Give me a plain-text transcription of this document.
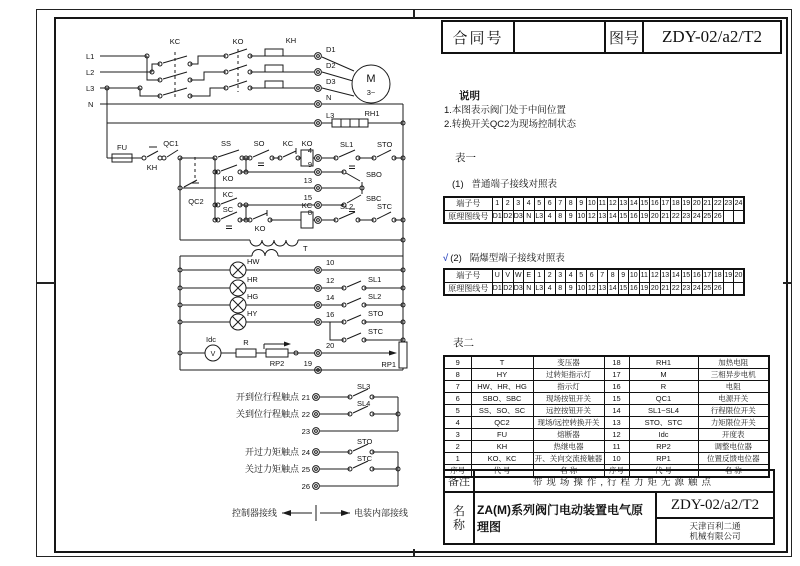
L1
L2
L3
N
KC	KO	KH
D1
D2
D3
N
L3	RH1
M
3~
FU
KH
QC1	SS	SO KC KO
4
SL1	STO
KO
9
QC2
13
SBO
SBC
KC	15
SC
KO
KC
8
SL2	STC
T
HW
HR
HG
HY
10
12
14
16
SL1
SL2
STO
STC
Idc
V
R
RP2
20
19	RP1
开到位行程触点 21
关到位行程触点 22
23
开过力矩触点 24
关过力矩触点 25
26
SL3
SL4
STO
STC
控制器接线	电装内部接线
合同号	图号	ZDY-02/a2/T2
说明
1.本图表示阀门处于中间位置
2.转换开关QC2为现场控制状态
表一
(1)   普通端子接线对照表
端子号	1	2	3	4	5	6	7	8	9	10	11	12	13	14	15	16	17	18	19	20	21	22	23	24
原理图线号	D1	D2	D3	N	L3	4	8	9	10	12	13	14	15	16	19	20	21	22	23	24	25	26		
√ (2)   隔爆型端子接线对照表
端子号	U	V	W	E	1	2	3	4	5	6	7	8	9	10	11	12	13	14	15	16	17	18	19	20
原理图线号	D1	D2	D3	N	L3	4	8	9	10	12	13	14	15	16	19	20	21	22	23	24	25	26		
表二
9	T	变压器	18	RH1	加热电阻
8	HY	过转矩指示灯	17	M	三相异步电机
7	HW、HR、HG	指示灯	16	R	电阻
6	SBO、SBC	现场按钮开关	15	QC1	电源开关
5	SS、SO、SC	远控按钮开关	14	SL1~SL4	行程限位开关
4	QC2	现场/远控转换开关	13	STO、STC	力矩限位开关
3	FU	熔断器	12	Idc	开度表
2	KH	热继电器	11	RP2	调整电位器
1	KO、KC	开、关向交流接触器	10	RP1	位置反馈电位器
序号	代 号	名 称	序号	代 号	名 称
备注	带现场操作,行程力矩无源触点
名
称
ZA(M)系列阀门电动装置电气原理图
ZDY-02/a2/T2
天津百利二通
机械有限公司
